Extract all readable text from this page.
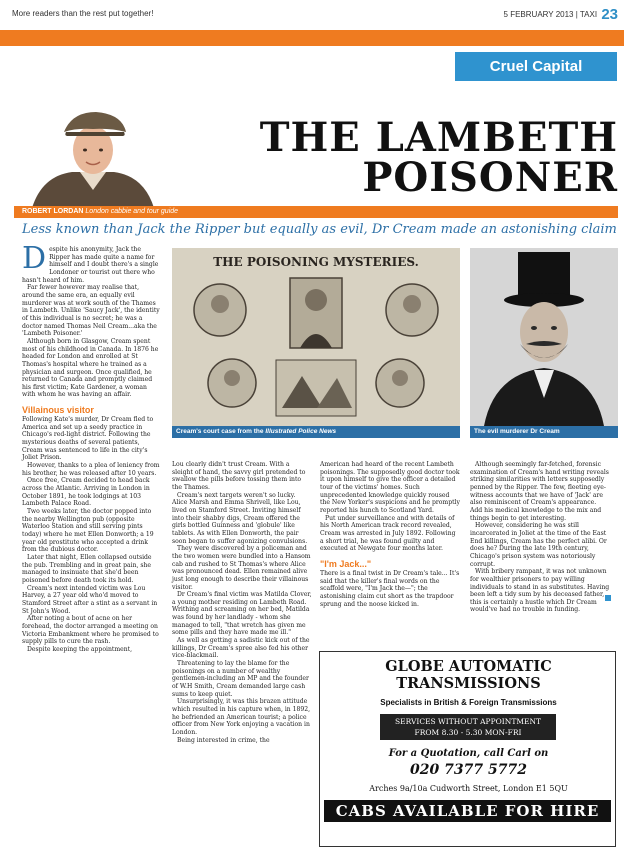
More readers than the rest put together!	5 FEBRUARY 2013 | TAXI 23
Cruel Capital
ROBERT LORDAN London cabbie and tour guide
THE LAMBETH
POISONER
Less known than Jack the Ripper but equally as evil, Dr Cream made an astonishing claim

Despite his anonymity, Jack the Ripper has made quite a name for himself and I doubt there's a single Londoner or tourist out there who hasn't heard of him.

Far fewer however may realise that, around the same era, an equally evil murderer was at work south of the Thames in Lambeth. Unlike 'Saucy Jack', the identity of this individual is no secret; he was a doctor named Thomas Neil Cream...aka the 'Lambeth Poisoner.'

Although born in Glasgow, Cream spent most of his childhood in Canada. In 1876 he headed for London and enrolled at St Thomas's hospital where he trained as a physician and surgeon. Once qualified, he returned to Canada and promptly claimed his first victim; Kate Gardener, a woman with whom he was having an affair.

Villainous visitor

Following Kate's murder, Dr Cream fled to America and set up a seedy practice in Chicago's red-light district. Following the mysterious deaths of several patients, Cream was sentenced to life in the city's Joliet Prison.

However, thanks to a plea of leniency from his brother, he was released after 10 years.

Once free, Cream decided to head back across the Atlantic. Arriving in London in October 1891, he took lodgings at 103 Lambeth Palace Road.

Two weeks later, the doctor popped into the nearby Wellington pub (opposite Waterloo Station and still serving pints today) where he met Ellen Donworth; a 19 year old prostitute who accepted a drink from the dubious doctor.

Later that night, Ellen collapsed outside the pub. Trembling and in great pain, she managed to insinuate that she'd been poisoned before death took its hold.

Cream's next intended victim was Lou Harvey, a 27 year old who'd moved to Stamford Street after a stint as a servant in St John's Wood.

After noting a bout of acne on her forehead, the doctor arranged a meeting on Victoria Embankment where he promised to supply pills to cure the rash.

Despite keeping the appointment,

THE POISONING MYSTERIES.
Cream's court case from the Illustrated Police News	The evil murderer Dr Cream

Lou clearly didn't trust Cream. With a sleight of hand, the savvy girl pretended to swallow the pills before tossing them into the Thames.

Cream's next targets weren't so lucky. Alice Marsh and Emma Shrivell, like Lou, lived on Stamford Street. Inviting himself into their shabby digs, Cream offered the girls bottled Guinness and 'globule' like tablets. As with Ellen Donworth, the pair soon began to suffer agonizing convulsions.

They were discovered by a policeman and the two women were bundled into a Hansom cab and rushed to St Thomas's where Alice was pronounced dead. Ellen remained alive just long enough to describe their villainous visitor.

Dr Cream's final victim was Matilda Clover, a young mother residing on Lambeth Road. Writhing and screaming on her bed, Matilda was found by her landlady - whom she managed to tell, "that wretch has given me some pills and they have made me ill."

As well as getting a sadistic kick out of the killings, Dr Cream's spree also fed his other vice-blackmail.

Threatening to lay the blame for the poisonings on a number of wealthy gentlemen-including an MP and the founder of W.H Smith, Cream demanded large cash sums to keep quiet.

Unsurprisingly, it was this brazen attitude which resulted in his capture when, in 1892, he befriended an American tourist; a police officer from New York enjoying a vacation in London.

Being interested in crime, the

American had heard of the recent Lambeth poisonings. The supposedly good doctor took it upon himself to give the officer a detailed tour of the victims' homes. Such unprecedented knowledge quickly roused the New Yorker's suspicions and he promptly reported his hunch to Scotland Yard.

Put under surveillance and with details of his North American track record revealed, Cream was arrested in July 1892. Following a short trial, he was found guilty and executed at Newgate four months later.

"I'm Jack..."

There is a final twist in Dr Cream's tale... It's said that the killer's final words on the scaffold were, "I'm Jack the—"; the astonishing claim cut short as the trapdoor sprung and the noose kicked in.

Although seemingly far-fetched, forensic examination of Cream's hand writing reveals striking similarities with letters supposedly penned by the Ripper. The few, fleeting eye-witness accounts that we have of 'Jack' are also reminiscent of Cream's appearance. Add his medical knowledge to the mix and things begin to get interesting.

However, considering he was still incarcerated in Joliet at the time of the East End killings, Cream has the perfect alibi. Or does he? During the late 19th century, Chicago's prison system was notoriously corrupt.

With bribery rampant, it was not unknown for wealthier prisoners to pay willing individuals to stand in as substitutes. Having been left a tidy sum by his deceased father, this is certainly a hustle which Dr Cream would've had no trouble in funding.

GLOBE AUTOMATIC
TRANSMISSIONS
Specialists in British & Foreign Transmissions
SERVICES WITHOUT APPOINTMENT
FROM 8.30 - 5.30 MON-FRI
For a Quotation, call Carl on
020 7377 5772
Arches 9a/10a Cudworth Street, London E1 5QU
CABS AVAILABLE FOR HIRE
